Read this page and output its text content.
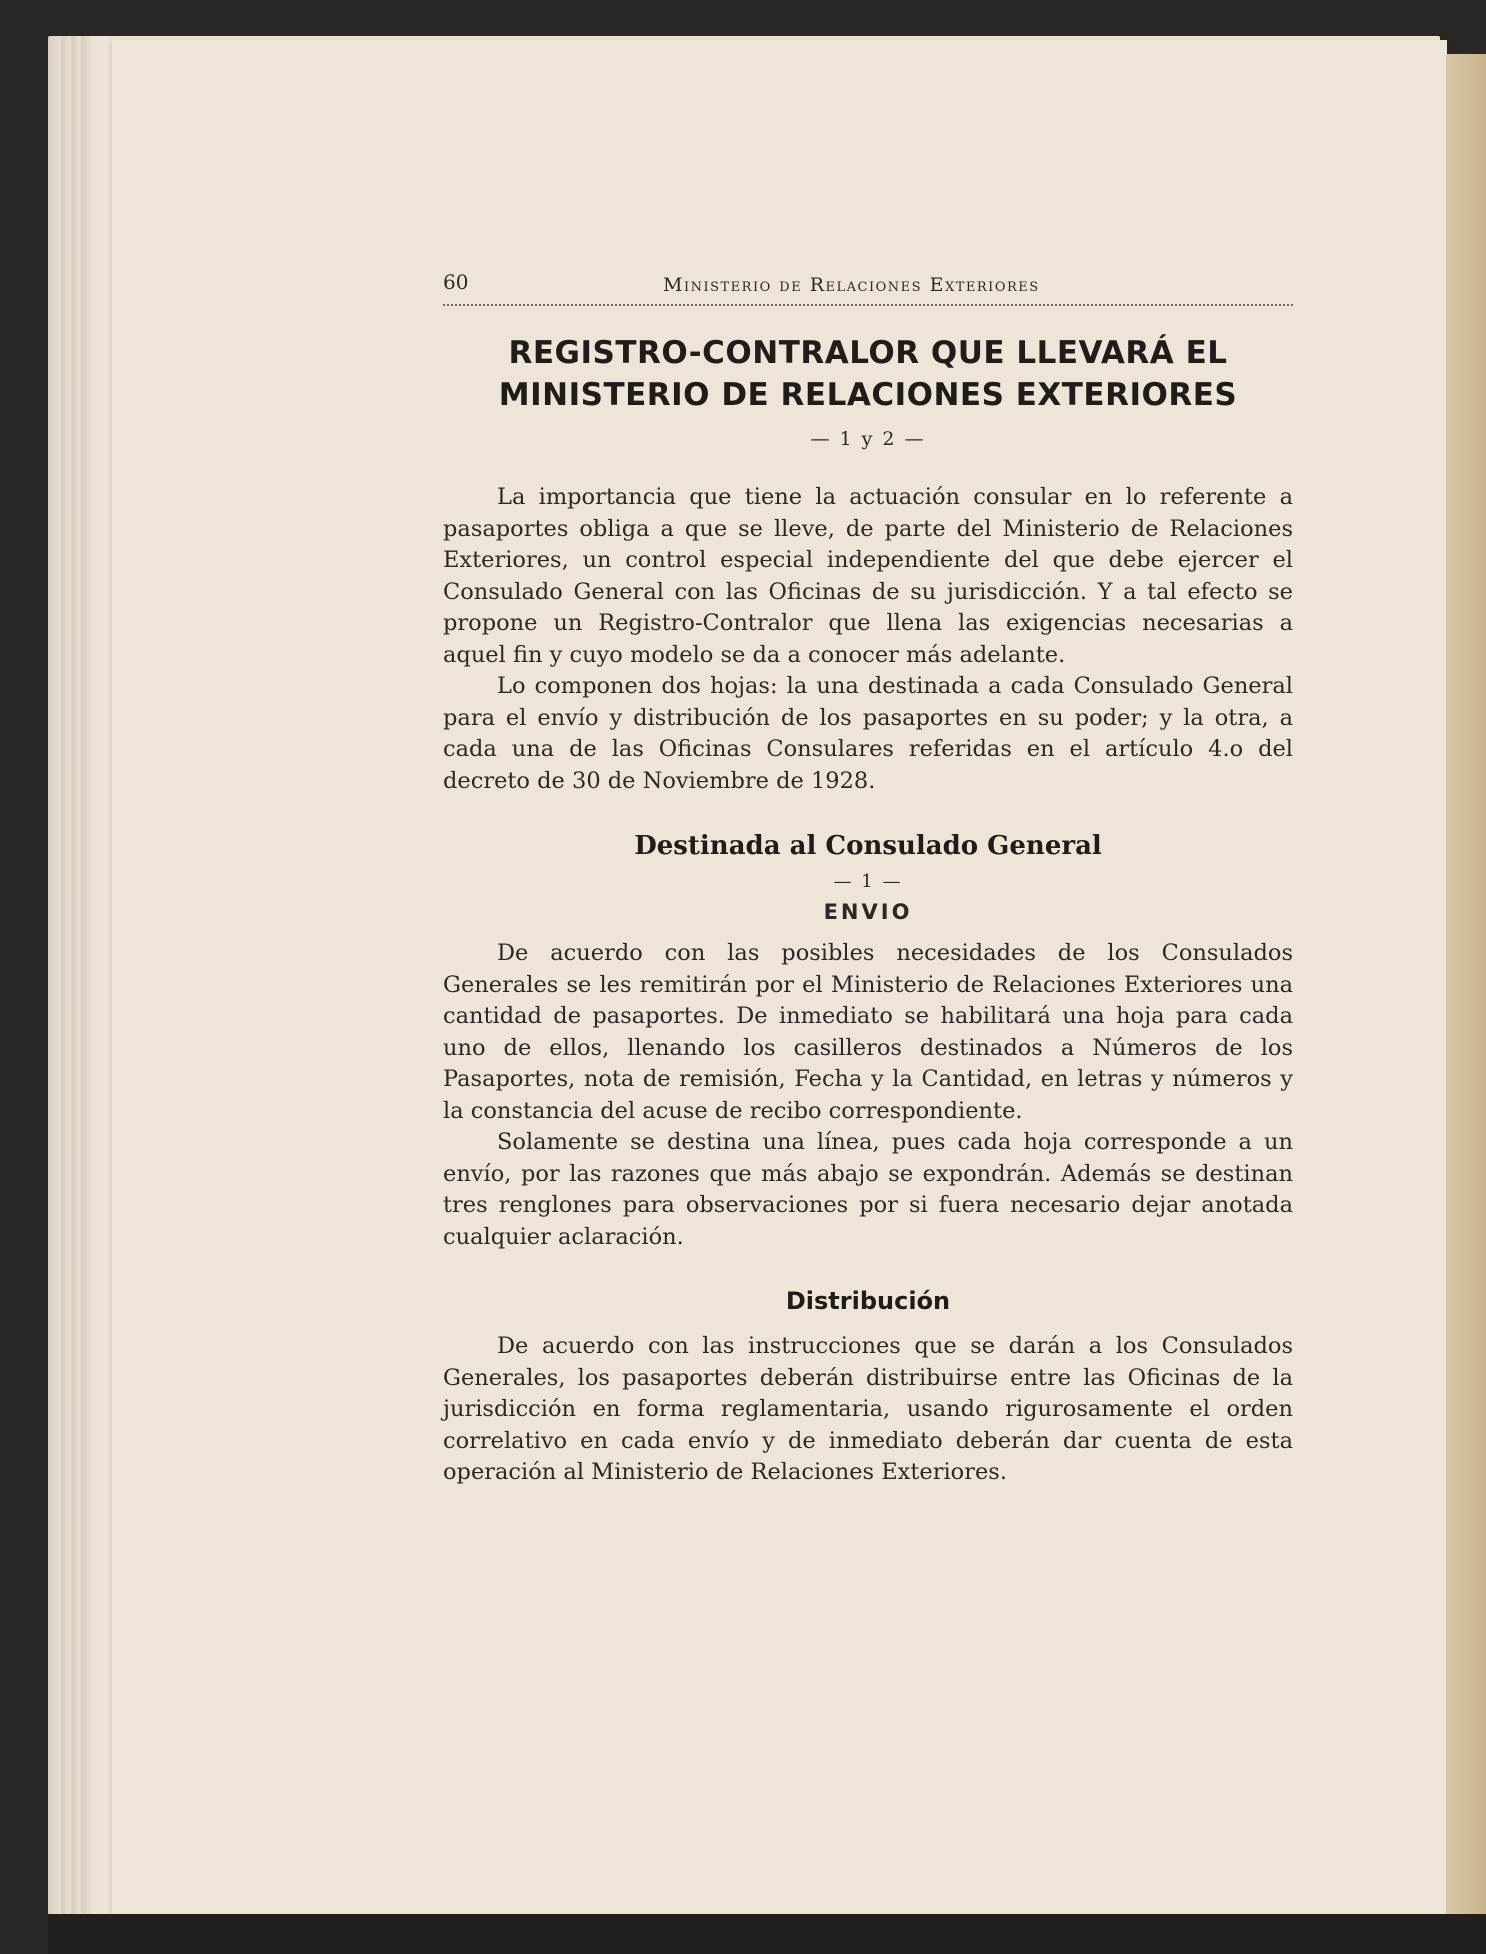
60	Ministerio de Relaciones Exteriores
REGISTRO-CONTRALOR QUE LLEVARÁ EL
MINISTERIO DE RELACIONES EXTERIORES
— 1 y 2 —

La importancia que tiene la actuación consular en lo referente a pasaportes obliga a que se lleve, de parte del Ministerio de Relaciones Exteriores, un control especial independiente del que debe ejercer el Consulado General con las Oficinas de su jurisdicción. Y a tal efecto se propone un Registro-Contralor que llena las exigencias necesarias a aquel fin y cuyo modelo se da a conocer más adelante.

Lo componen dos hojas: la una destinada a cada Consulado General para el envío y distribución de los pasaportes en su poder; y la otra, a cada una de las Oficinas Consulares referidas en el artículo 4.o del decreto de 30 de Noviembre de 1928.

Destinada al Consulado General
— 1 —
ENVIO

De acuerdo con las posibles necesidades de los Consulados Generales se les remitirán por el Ministerio de Relaciones Exteriores una cantidad de pasaportes. De inmediato se habilitará una hoja para cada uno de ellos, llenando los casilleros destinados a Números de los Pasaportes, nota de remisión, Fecha y la Cantidad, en letras y números y la constancia del acuse de recibo correspondiente.

Solamente se destina una línea, pues cada hoja corresponde a un envío, por las razones que más abajo se expondrán. Además se destinan tres renglones para observaciones por si fuera necesario dejar anotada cualquier aclaración.

Distribución

De acuerdo con las instrucciones que se darán a los Consulados Generales, los pasaportes deberán distribuirse entre las Oficinas de la jurisdicción en forma reglamentaria, usando rigurosamente el orden correlativo en cada envío y de inmediato deberán dar cuenta de esta operación al Ministerio de Relaciones Exteriores.
